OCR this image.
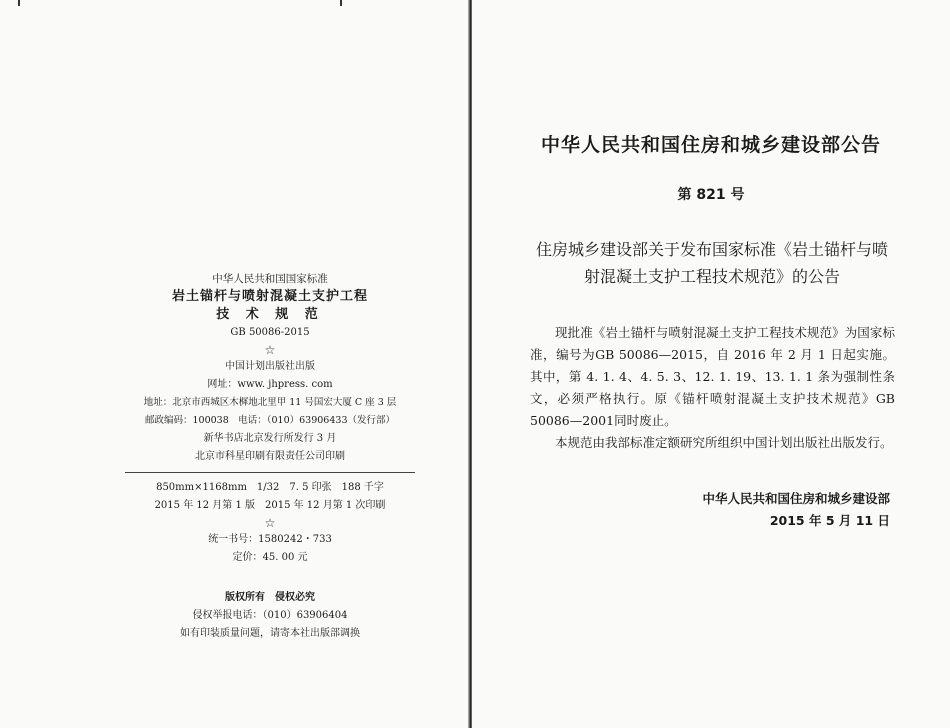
中华人民共和国国家标准
岩土锚杆与喷射混凝土支护工程
技 术 规 范
GB 50086-2015
☆
中国计划出版社出版
网址：www. jhpress. com
地址：北京市西城区木樨地北里甲 11 号国宏大厦 C 座 3 层
邮政编码：100038　电话：（010）63906433（发行部）
新华书店北京发行所发行 3 月
北京市科星印刷有限责任公司印刷
850mm×1168mm　1/32　7. 5 印张　188 千字
2015 年 12 月第 1 版　2015 年 12 月第 1 次印刷
☆
统一书号：1580242・733
定价：45. 00 元
版权所有　侵权必究
侵权举报电话：（010）63906404
如有印装质量问题，请寄本社出版部调换
中华人民共和国住房和城乡建设部公告
第 821 号
住房城乡建设部关于发布国家标准《岩土锚杆与喷射混凝土支护工程技术规范》的公告

现批准《岩土锚杆与喷射混凝土支护工程技术规范》为国家标准，编号为GB 50086—2015，自 2016 年 2 月 1 日起实施。其中，第 4. 1. 4、4. 5. 3、12. 1. 19、13. 1. 1 条为强制性条文，必须严格执行。原《锚杆喷射混凝土支护技术规范》GB 50086—2001同时废止。

本规范由我部标准定额研究所组织中国计划出版社出版发行。

中华人民共和国住房和城乡建设部
2015 年 5 月 11 日
